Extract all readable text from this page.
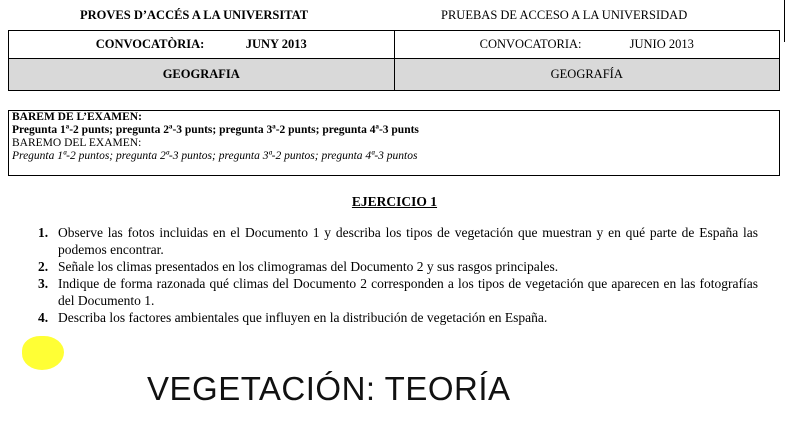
PROVES D’ACCÉS A LA UNIVERSITAT	PRUEBAS DE ACCESO A LA UNIVERSIDAD
CONVOCATÒRIA: JUNY 2013	CONVOCATORIA: JUNIO 2013
GEOGRAFIA	GEOGRAFÍA
BAREM DE L’EXAMEN:
Pregunta 1ª-2 punts; pregunta 2ª-3 punts; pregunta 3ª-2 punts; pregunta 4ª-3 punts
BAREMO DEL EXAMEN:
Pregunta 1ª-2 puntos; pregunta 2ª-3 puntos; pregunta 3ª-2 puntos; pregunta 4ª-3 puntos
EJERCICIO 1
1. Observe las fotos incluidas en el Documento 1 y describa los tipos de vegetación que muestran y en qué parte de España las podemos encontrar.
2. Señale los climas presentados en los climogramas del Documento 2 y sus rasgos principales.
3. Indique de forma razonada qué climas del Documento 2 corresponden a los tipos de vegetación que aparecen en las fotografías del Documento 1.
4. Describa los factores ambientales que influyen en la distribución de vegetación en España.
VEGETACIÓN: TEORÍA
